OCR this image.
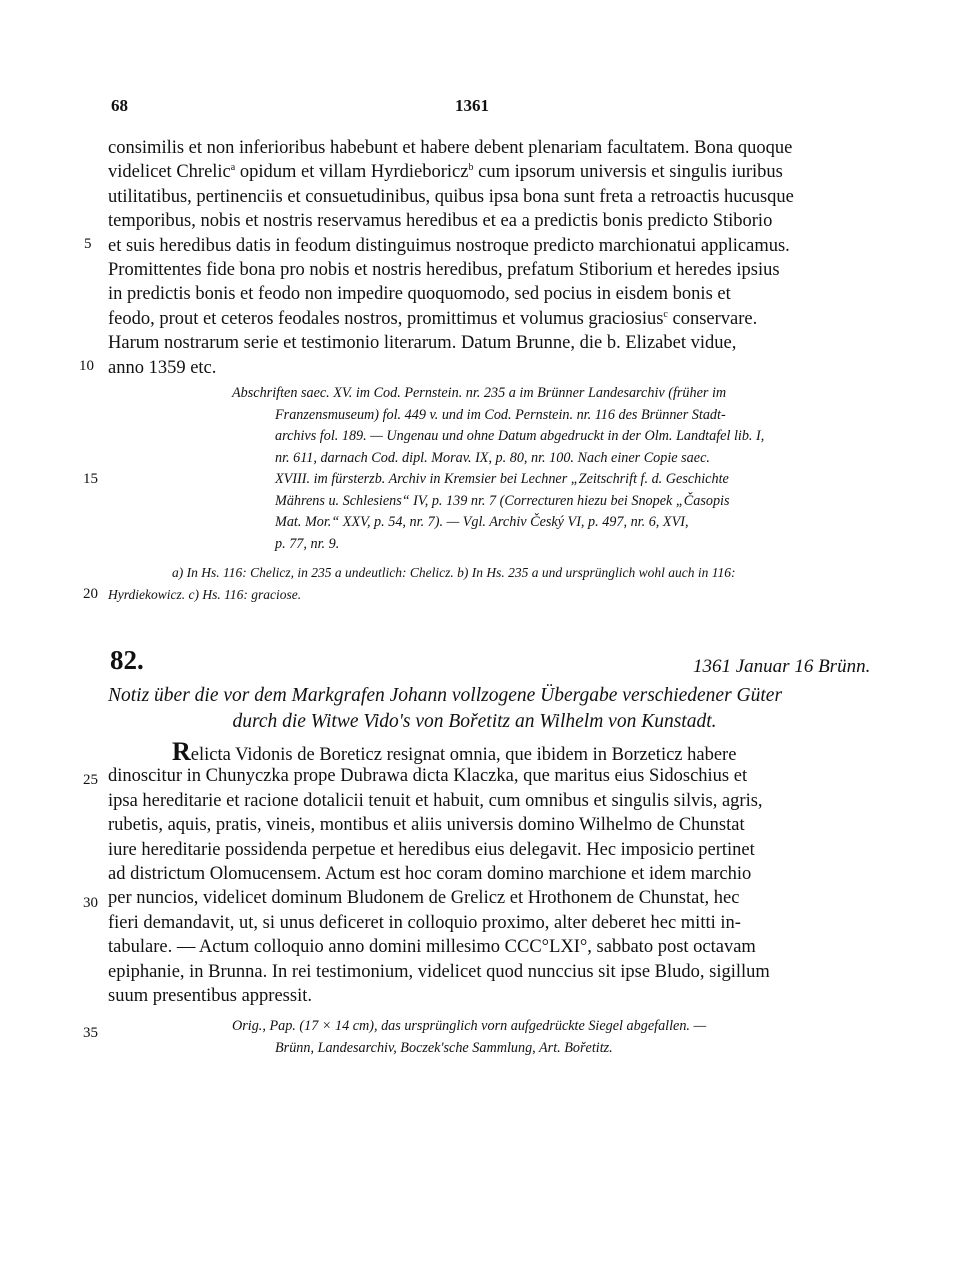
68	1361
5
10
15
20
25
30
35
consimilis et non inferioribus habebunt et habere debent plenariam facultatem. Bona quoque
videlicet Chrelic$^a$ opidum et villam Hyrdieboricz$^b$ cum ipsorum universis et singulis iuribus
utilitatibus, pertinenciis et consuetudinibus, quibus ipsa bona sunt freta a retroactis hucusque
temporibus, nobis et nostris reservamus heredibus et ea a predictis bonis predicto Stiborio
et suis heredibus datis in feodum distinguimus nostroque predicto marchionatui applicamus.
Promittentes fide bona pro nobis et nostris heredibus, prefatum Stiborium et heredes ipsius
in predictis bonis et feodo non impedire quoquomodo, sed pocius in eisdem bonis et
feodo, prout et ceteros feodales nostros, promittimus et volumus graciosius$^c$ conservare.
Harum nostrarum serie et testimonio literarum. Datum Brunne, die b. Elizabet vidue,
anno 1359 etc.
Abschriften saec. XV. im Cod. Pernstein. nr. 235 a im Brünner Landesarchiv (früher im
Franzensmuseum) fol. 449 v. und im Cod. Pernstein. nr. 116 des Brünner Stadt-
archivs fol. 189. — Ungenau und ohne Datum abgedruckt in der Olm. Landtafel lib. I,
nr. 611, darnach Cod. dipl. Morav. IX, p. 80, nr. 100. Nach einer Copie saec.
XVIII. im fürsterzb. Archiv in Kremsier bei Lechner „Zeitschrift f. d. Geschichte
Mährens u. Schlesiens“ IV, p. 139 nr. 7 (Correcturen hiezu bei Snopek „Časopis
Mat. Mor.“ XXV, p. 54, nr. 7). — Vgl. Archiv Český VI, p. 497, nr. 6, XVI,
p. 77, nr. 9.
a) In Hs. 116: Chelicz, in 235 a undeutlich: Chelicz. b) In Hs. 235 a und ursprünglich wohl auch in 116:
Hyrdiekowicz. c) Hs. 116: graciose.
82.	1361 Januar 16 Brünn.
Notiz über die vor dem Markgrafen Johann vollzogene Übergabe verschiedener Güter
durch die Witwe Vido's von Bořetitz an Wilhelm von Kunstadt.
Relicta Vidonis de Boreticz resignat omnia, que ibidem in Borzeticz habere
dinoscitur in Chunyczka prope Dubrawa dicta Klaczka, que maritus eius Sidoschius et
ipsa hereditarie et racione dotalicii tenuit et habuit, cum omnibus et singulis silvis, agris,
rubetis, aquis, pratis, vineis, montibus et aliis universis domino Wilhelmo de Chunstat
iure hereditarie possidenda perpetue et heredibus eius delegavit. Hec imposicio pertinet
ad districtum Olomucensem. Actum est hoc coram domino marchione et idem marchio
per nuncios, videlicet dominum Bludonem de Grelicz et Hrothonem de Chunstat, hec
fieri demandavit, ut, si unus deficeret in colloquio proximo, alter deberet hec mitti in-
tabulare. — Actum colloquio anno domini millesimo CCC°LXI°, sabbato post octavam
epiphanie, in Brunna. In rei testimonium, videlicet quod nunccius sit ipse Bludo, sigillum
suum presentibus appressit.
Orig., Pap. (17 × 14 cm), das ursprünglich vorn aufgedrückte Siegel abgefallen. —
Brünn, Landesarchiv, Boczek'sche Sammlung, Art. Bořetitz.
